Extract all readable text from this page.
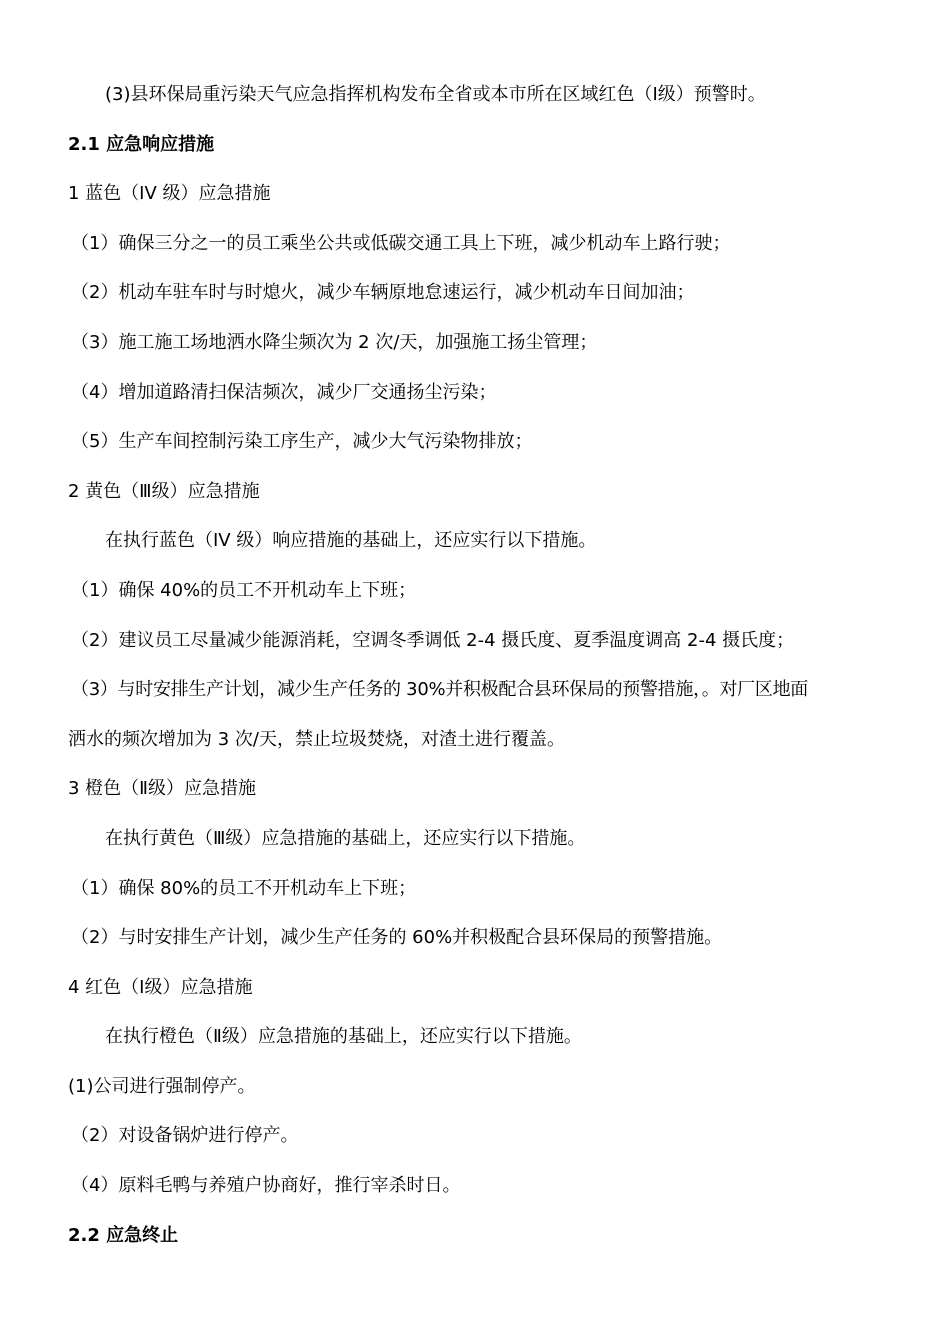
(3)县环保局重污染天气应急指挥机构发布全省或本市所在区域红色（I级）预警时。
2.1 应急响应措施
1 蓝色（IV 级）应急措施
（1）确保三分之一的员工乘坐公共或低碳交通工具上下班，减少机动车上路行驶；
（2）机动车驻车时与时熄火，减少车辆原地怠速运行，减少机动车日间加油；
（3）施工施工场地洒水降尘频次为 2 次/天，加强施工扬尘管理；
（4）增加道路清扫保洁频次，减少厂交通扬尘污染；
（5）生产车间控制污染工序生产，减少大气污染物排放；
2 黄色（Ⅲ级）应急措施
在执行蓝色（IV 级）响应措施的基础上，还应实行以下措施。
（1）确保 40%的员工不开机动车上下班；
（2）建议员工尽量减少能源消耗，空调冬季调低 2-4 摄氏度、夏季温度调高 2-4 摄氏度；
（3）与时安排生产计划，减少生产任务的 30%并积极配合县环保局的预警措施，。对厂区地面
洒水的频次增加为 3 次/天，禁止垃圾焚烧，对渣土进行覆盖。
3 橙色（Ⅱ级）应急措施
在执行黄色（Ⅲ级）应急措施的基础上，还应实行以下措施。
（1）确保 80%的员工不开机动车上下班；
（2）与时安排生产计划，减少生产任务的 60%并积极配合县环保局的预警措施。
4 红色（Ⅰ级）应急措施
在执行橙色（Ⅱ级）应急措施的基础上，还应实行以下措施。
(1)公司进行强制停产。
（2）对设备锅炉进行停产。
（4）原料毛鸭与养殖户协商好，推行宰杀时日。
2.2 应急终止
